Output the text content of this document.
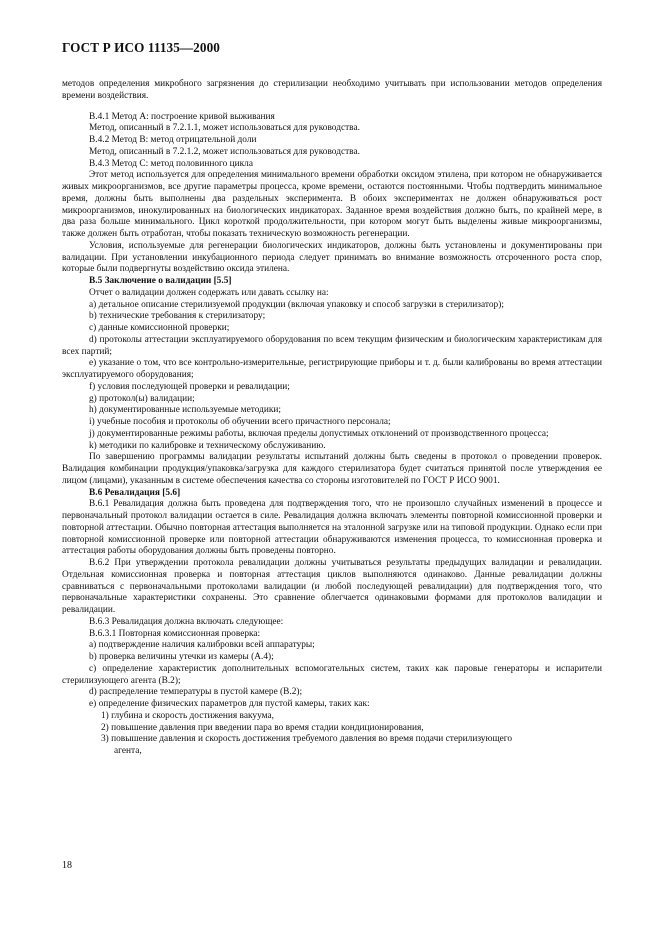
ГОСТ Р ИСО 11135—2000

методов определения микробного загрязнения до стерилизации необходимо учитывать при использовании методов определения времени воздействия.

B.4.1 Метод А: построение кривой выживания

Метод, описанный в 7.2.1.1, может использоваться для руководства.

B.4.2 Метод В: метод отрицательной доли

Метод, описанный в 7.2.1.2, может использоваться для руководства.

B.4.3 Метод С: метод половинного цикла

Этот метод используется для определения минимального времени обработки оксидом этилена, при котором не обнаруживается живых микроорганизмов, все другие параметры процесса, кроме времени, остаются постоянными. Чтобы подтвердить минимальное время, должны быть выполнены два раздельных эксперимента. В обоих экспериментах не должен обнаруживаться рост микроорганизмов, инокулированных на биологических индикаторах. Заданное время воздействия должно быть, по крайней мере, в два раза больше минимального. Цикл короткой продолжительности, при котором могут быть выделены живые микроорганизмы, также должен быть отработан, чтобы показать техническую возможность регенерации.

Условия, используемые для регенерации биологических индикаторов, должны быть установлены и документированы при валидации. При установлении инкубационного периода следует принимать во внимание возможность отсроченного роста спор, которые были подвергнуты воздействию оксида этилена.

B.5 Заключение о валидации [5.5]

Отчет о валидации должен содержать или давать ссылку на:

a) детальное описание стерилизуемой продукции (включая упаковку и способ загрузки в стерилизатор);

b) технические требования к стерилизатору;

c) данные комиссионной проверки;

d) протоколы аттестации эксплуатируемого оборудования по всем текущим физическим и биологическим характеристикам для всех партий;

e) указание о том, что все контрольно-измерительные, регистрирующие приборы и т. д. были калиброваны во время аттестации эксплуатируемого оборудования;

f) условия последующей проверки и ревалидации;

g) протокол(ы) валидации;

h) документированные используемые методики;

i) учебные пособия и протоколы об обучении всего причастного персонала;

j) документированные режимы работы, включая пределы допустимых отклонений от производственного процесса;

k) методики по калибровке и техническому обслуживанию.

По завершению программы валидации результаты испытаний должны быть сведены в протокол о проведении проверок. Валидация комбинации продукция/упаковка/загрузка для каждого стерилизатора будет считаться принятой после утверждения ее лицом (лицами), указанным в системе обеспечения качества со стороны изготовителей по ГОСТ Р ИСО 9001.

B.6 Ревалидация [5.6]

B.6.1 Ревалидация должна быть проведена для подтверждения того, что не произошло случайных изменений в процессе и первоначальный протокол валидации остается в силе. Ревалидация должна включать элементы повторной комиссионной проверки и повторной аттестации. Обычно повторная аттестация выполняется на эталонной загрузке или на типовой продукции. Однако если при повторной комиссионной проверке или повторной аттестации обнаруживаются изменения процесса, то комиссионная проверка и аттестация работы оборудования должны быть проведены повторно.

B.6.2 При утверждении протокола ревалидации должны учитываться результаты предыдущих валидации и ревалидации. Отдельная комиссионная проверка и повторная аттестация циклов выполняются одинаково. Данные ревалидации должны сравниваться с первоначальными протоколами валидации (и любой последующей ревалидации) для подтверждения того, что первоначальные характеристики сохранены. Это сравнение облегчается одинаковыми формами для протоколов валидации и ревалидации.

B.6.3 Ревалидация должна включать следующее:

B.6.3.1 Повторная комиссионная проверка:

a) подтверждение наличия калибровки всей аппаратуры;

b) проверка величины утечки из камеры (А.4);

c) определение характеристик дополнительных вспомогательных систем, таких как паровые генераторы и испарители стерилизующего агента (В.2);

d) распределение температуры в пустой камере (В.2);

e) определение физических параметров для пустой камеры, таких как:

1) глубина и скорость достижения вакуума,

2) повышение давления при введении пара во время стадии кондиционирования,

3) повышение давления и скорость достижения требуемого давления во время подачи стерилизующего

агента,

18
